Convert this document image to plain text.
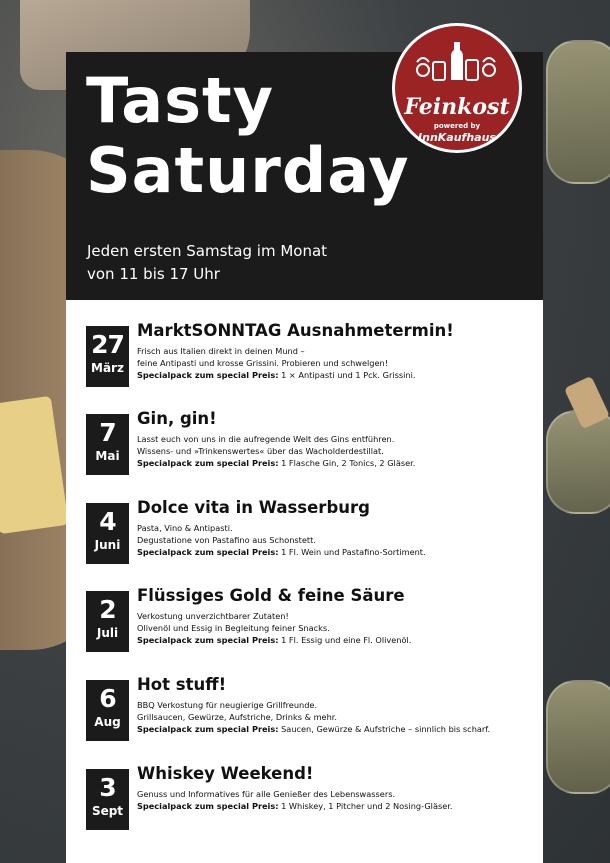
Tasty
Saturday
Jeden ersten Samstag im Monat
von 11 bis 17 Uhr
Feinkost
powered by
InnKaufhaus
27
März
MarktSONNTAG Ausnahmetermin!
Frisch aus Italien direkt in deinen Mund –
feine Antipasti und krosse Grissini. Probieren und schwelgen!
Specialpack zum special Preis: 1 × Antipasti und 1 Pck. Grissini.
7
Mai
Gin, gin!
Lasst euch von uns in die aufregende Welt des Gins entführen.
Wissens- und »Trinkenswertes« über das Wacholderdestillat.
Specialpack zum special Preis: 1 Flasche Gin, 2 Tonics, 2 Gläser.
4
Juni
Dolce vita in Wasserburg
Pasta, Vino & Antipasti.
Degustatione von Pastafino aus Schonstett.
Specialpack zum special Preis: 1 Fl. Wein und Pastafino-Sortiment.
2
Juli
Flüssiges Gold & feine Säure
Verkostung unverzichtbarer Zutaten!
Olivenöl und Essig in Begleitung feiner Snacks.
Specialpack zum special Preis: 1 Fl. Essig und eine Fl. Olivenöl.
6
Aug
Hot stuff!
BBQ Verkostung für neugierige Grillfreunde.
Grillsaucen, Gewürze, Aufstriche, Drinks & mehr.
Specialpack zum special Preis: Saucen, Gewürze & Aufstriche – sinnlich bis scharf.
3
Sept
Whiskey Weekend!
Genuss und Informatives für alle Genießer des Lebenswassers.
Specialpack zum special Preis: 1 Whiskey, 1 Pitcher und 2 Nosing-Gläser.
